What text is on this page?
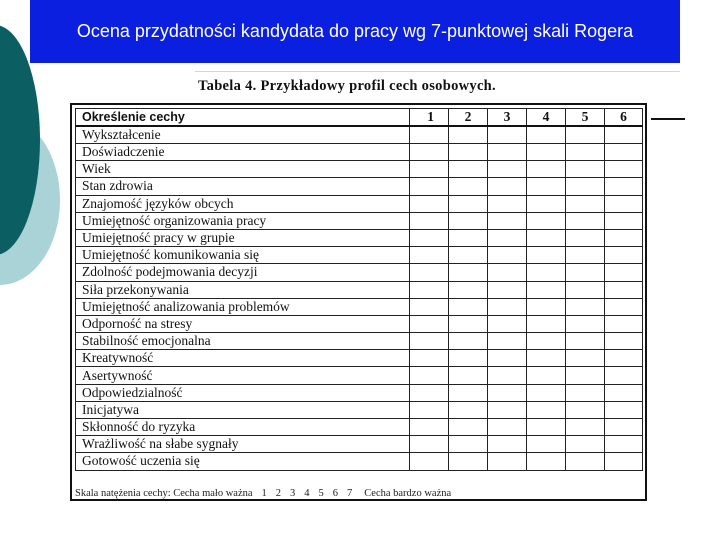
Ocena przydatności kandydata do pracy wg 7-punktowej skali Rogera
Tabela 4. Przykładowy profil cech osobowych.
Określenie cechy	1	2	3	4	5	6	
Wykształcenie							
Doświadczenie							
Wiek							
Stan zdrowia							
Znajomość języków obcych							
Umiejętność organizowania pracy							
Umiejętność pracy w grupie							
Umiejętność komunikowania się							
Zdolność podejmowania decyzji							
Siła przekonywania							
Umiejętność analizowania problemów							
Odporność na stresy							
Stabilność emocjonalna							
Kreatywność							
Asertywność							
Odpowiedzialność							
Inicjatywa							
Skłonność do ryzyka							
Wrażliwość na słabe sygnały							
Gotowość uczenia się							
Skala natężenia cechy: Cecha mało ważna 1 2 3 4 5 6 7 Cecha bardzo ważna
